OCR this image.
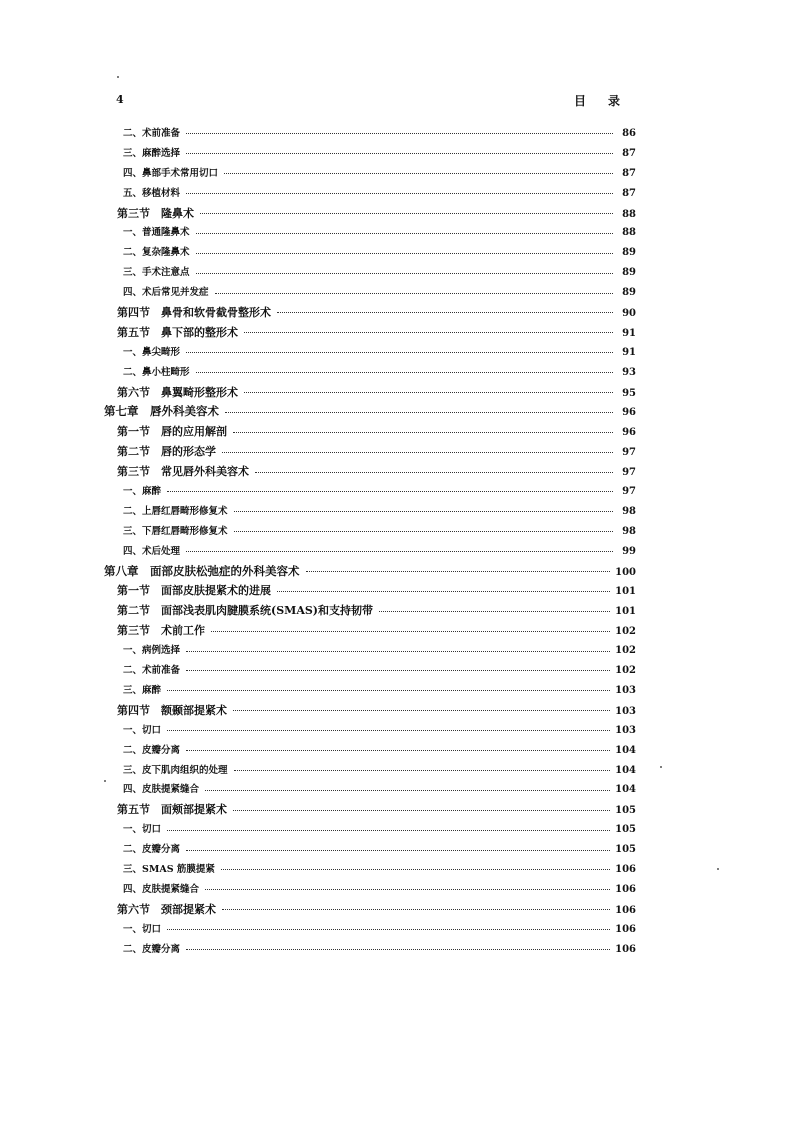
4	目录
二、术前准备	86
三、麻醉选择	87
四、鼻部手术常用切口	87
五、移植材料	87
第三节　隆鼻术	88
一、普通隆鼻术	88
二、复杂隆鼻术	89
三、手术注意点	89
四、术后常见并发症	89
第四节　鼻骨和软骨截骨整形术	90
第五节　鼻下部的整形术	91
一、鼻尖畸形	91
二、鼻小柱畸形	93
第六节　鼻翼畸形整形术	95
第七章　唇外科美容术	96
第一节　唇的应用解剖	96
第二节　唇的形态学	97
第三节　常见唇外科美容术	97
一、麻醉	97
二、上唇红唇畸形修复术	98
三、下唇红唇畸形修复术	98
四、术后处理	99
第八章　面部皮肤松弛症的外科美容术	100
第一节　面部皮肤提紧术的进展	101
第二节　面部浅表肌肉腱膜系统(SMAS)和支持韧带	101
第三节　术前工作	102
一、病例选择	102
二、术前准备	102
三、麻醉	103
第四节　额颞部提紧术	103
一、切口	103
二、皮瓣分离	104
三、皮下肌肉组织的处理	104
四、皮肤提紧缝合	104
第五节　面颊部提紧术	105
一、切口	105
二、皮瓣分离	105
三、SMAS 筋膜提紧	106
四、皮肤提紧缝合	106
第六节　颈部提紧术	106
一、切口	106
二、皮瓣分离	106
